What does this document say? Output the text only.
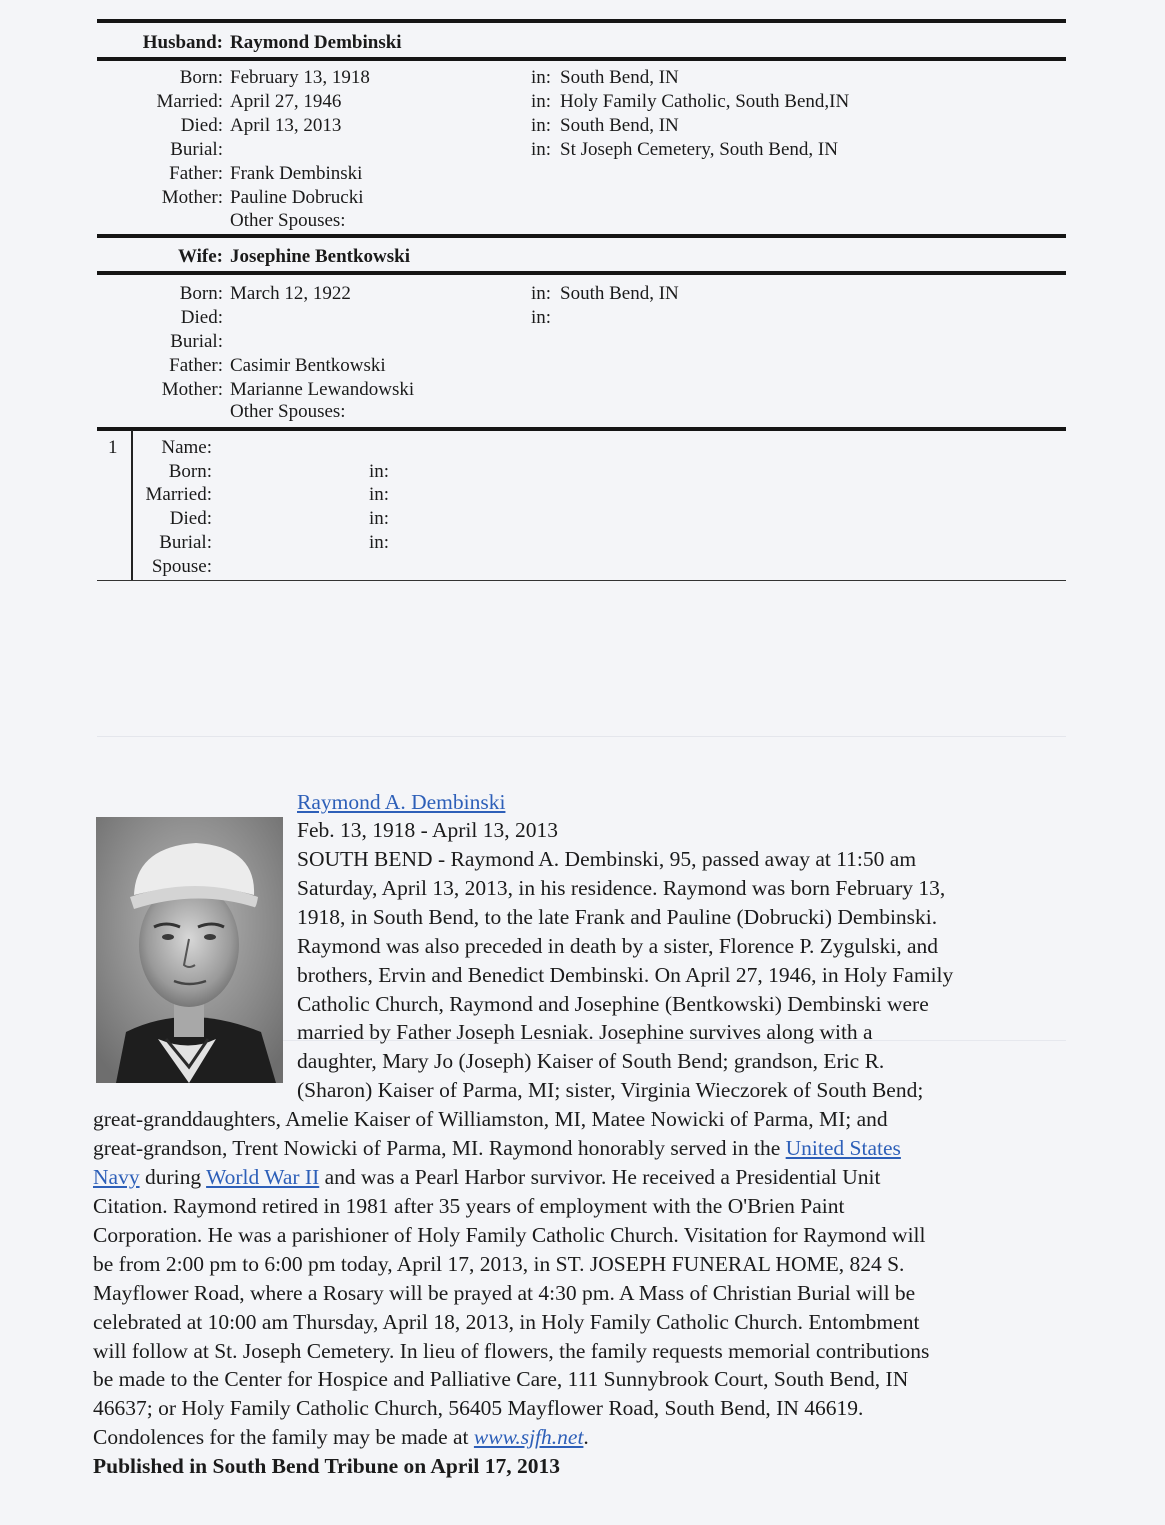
Husband: Raymond Dembinski
Born: February 13, 1918	in: South Bend, IN
Married: April 27, 1946	in: Holy Family Catholic, South Bend,IN
Died: April 13, 2013	in: South Bend, IN
Burial:	in: St Joseph Cemetery, South Bend, IN
Father: Frank Dembinski
Mother: Pauline Dobrucki
Other Spouses:
Wife: Josephine Bentkowski
Born: March 12, 1922	in: South Bend, IN
Died:	in:
Burial:
Father: Casimir Bentkowski
Mother: Marianne Lewandowski
Other Spouses:
1	Name:
Born:	in:
Married:	in:
Died:	in:
Burial:	in:
Spouse:
Raymond A. Dembinski
Feb. 13, 1918 - April 13, 2013
SOUTH BEND - Raymond A. Dembinski, 95, passed away at 11:50 am
Saturday, April 13, 2013, in his residence. Raymond was born February 13,
1918, in South Bend, to the late Frank and Pauline (Dobrucki) Dembinski.
Raymond was also preceded in death by a sister, Florence P. Zygulski, and
brothers, Ervin and Benedict Dembinski. On April 27, 1946, in Holy Family
Catholic Church, Raymond and Josephine (Bentkowski) Dembinski were
married by Father Joseph Lesniak. Josephine survives along with a
daughter, Mary Jo (Joseph) Kaiser of South Bend; grandson, Eric R.
(Sharon) Kaiser of Parma, MI; sister, Virginia Wieczorek of South Bend;
great-granddaughters, Amelie Kaiser of Williamston, MI, Matee Nowicki of Parma, MI; and
great-grandson, Trent Nowicki of Parma, MI. Raymond honorably served in the United States
Navy during World War II and was a Pearl Harbor survivor. He received a Presidential Unit
Citation. Raymond retired in 1981 after 35 years of employment with the O'Brien Paint
Corporation. He was a parishioner of Holy Family Catholic Church. Visitation for Raymond will
be from 2:00 pm to 6:00 pm today, April 17, 2013, in ST. JOSEPH FUNERAL HOME, 824 S.
Mayflower Road, where a Rosary will be prayed at 4:30 pm. A Mass of Christian Burial will be
celebrated at 10:00 am Thursday, April 18, 2013, in Holy Family Catholic Church. Entombment
will follow at St. Joseph Cemetery. In lieu of flowers, the family requests memorial contributions
be made to the Center for Hospice and Palliative Care, 111 Sunnybrook Court, South Bend, IN
46637; or Holy Family Catholic Church, 56405 Mayflower Road, South Bend, IN 46619.
Condolences for the family may be made at www.sjfh.net.
Published in South Bend Tribune on April 17, 2013
